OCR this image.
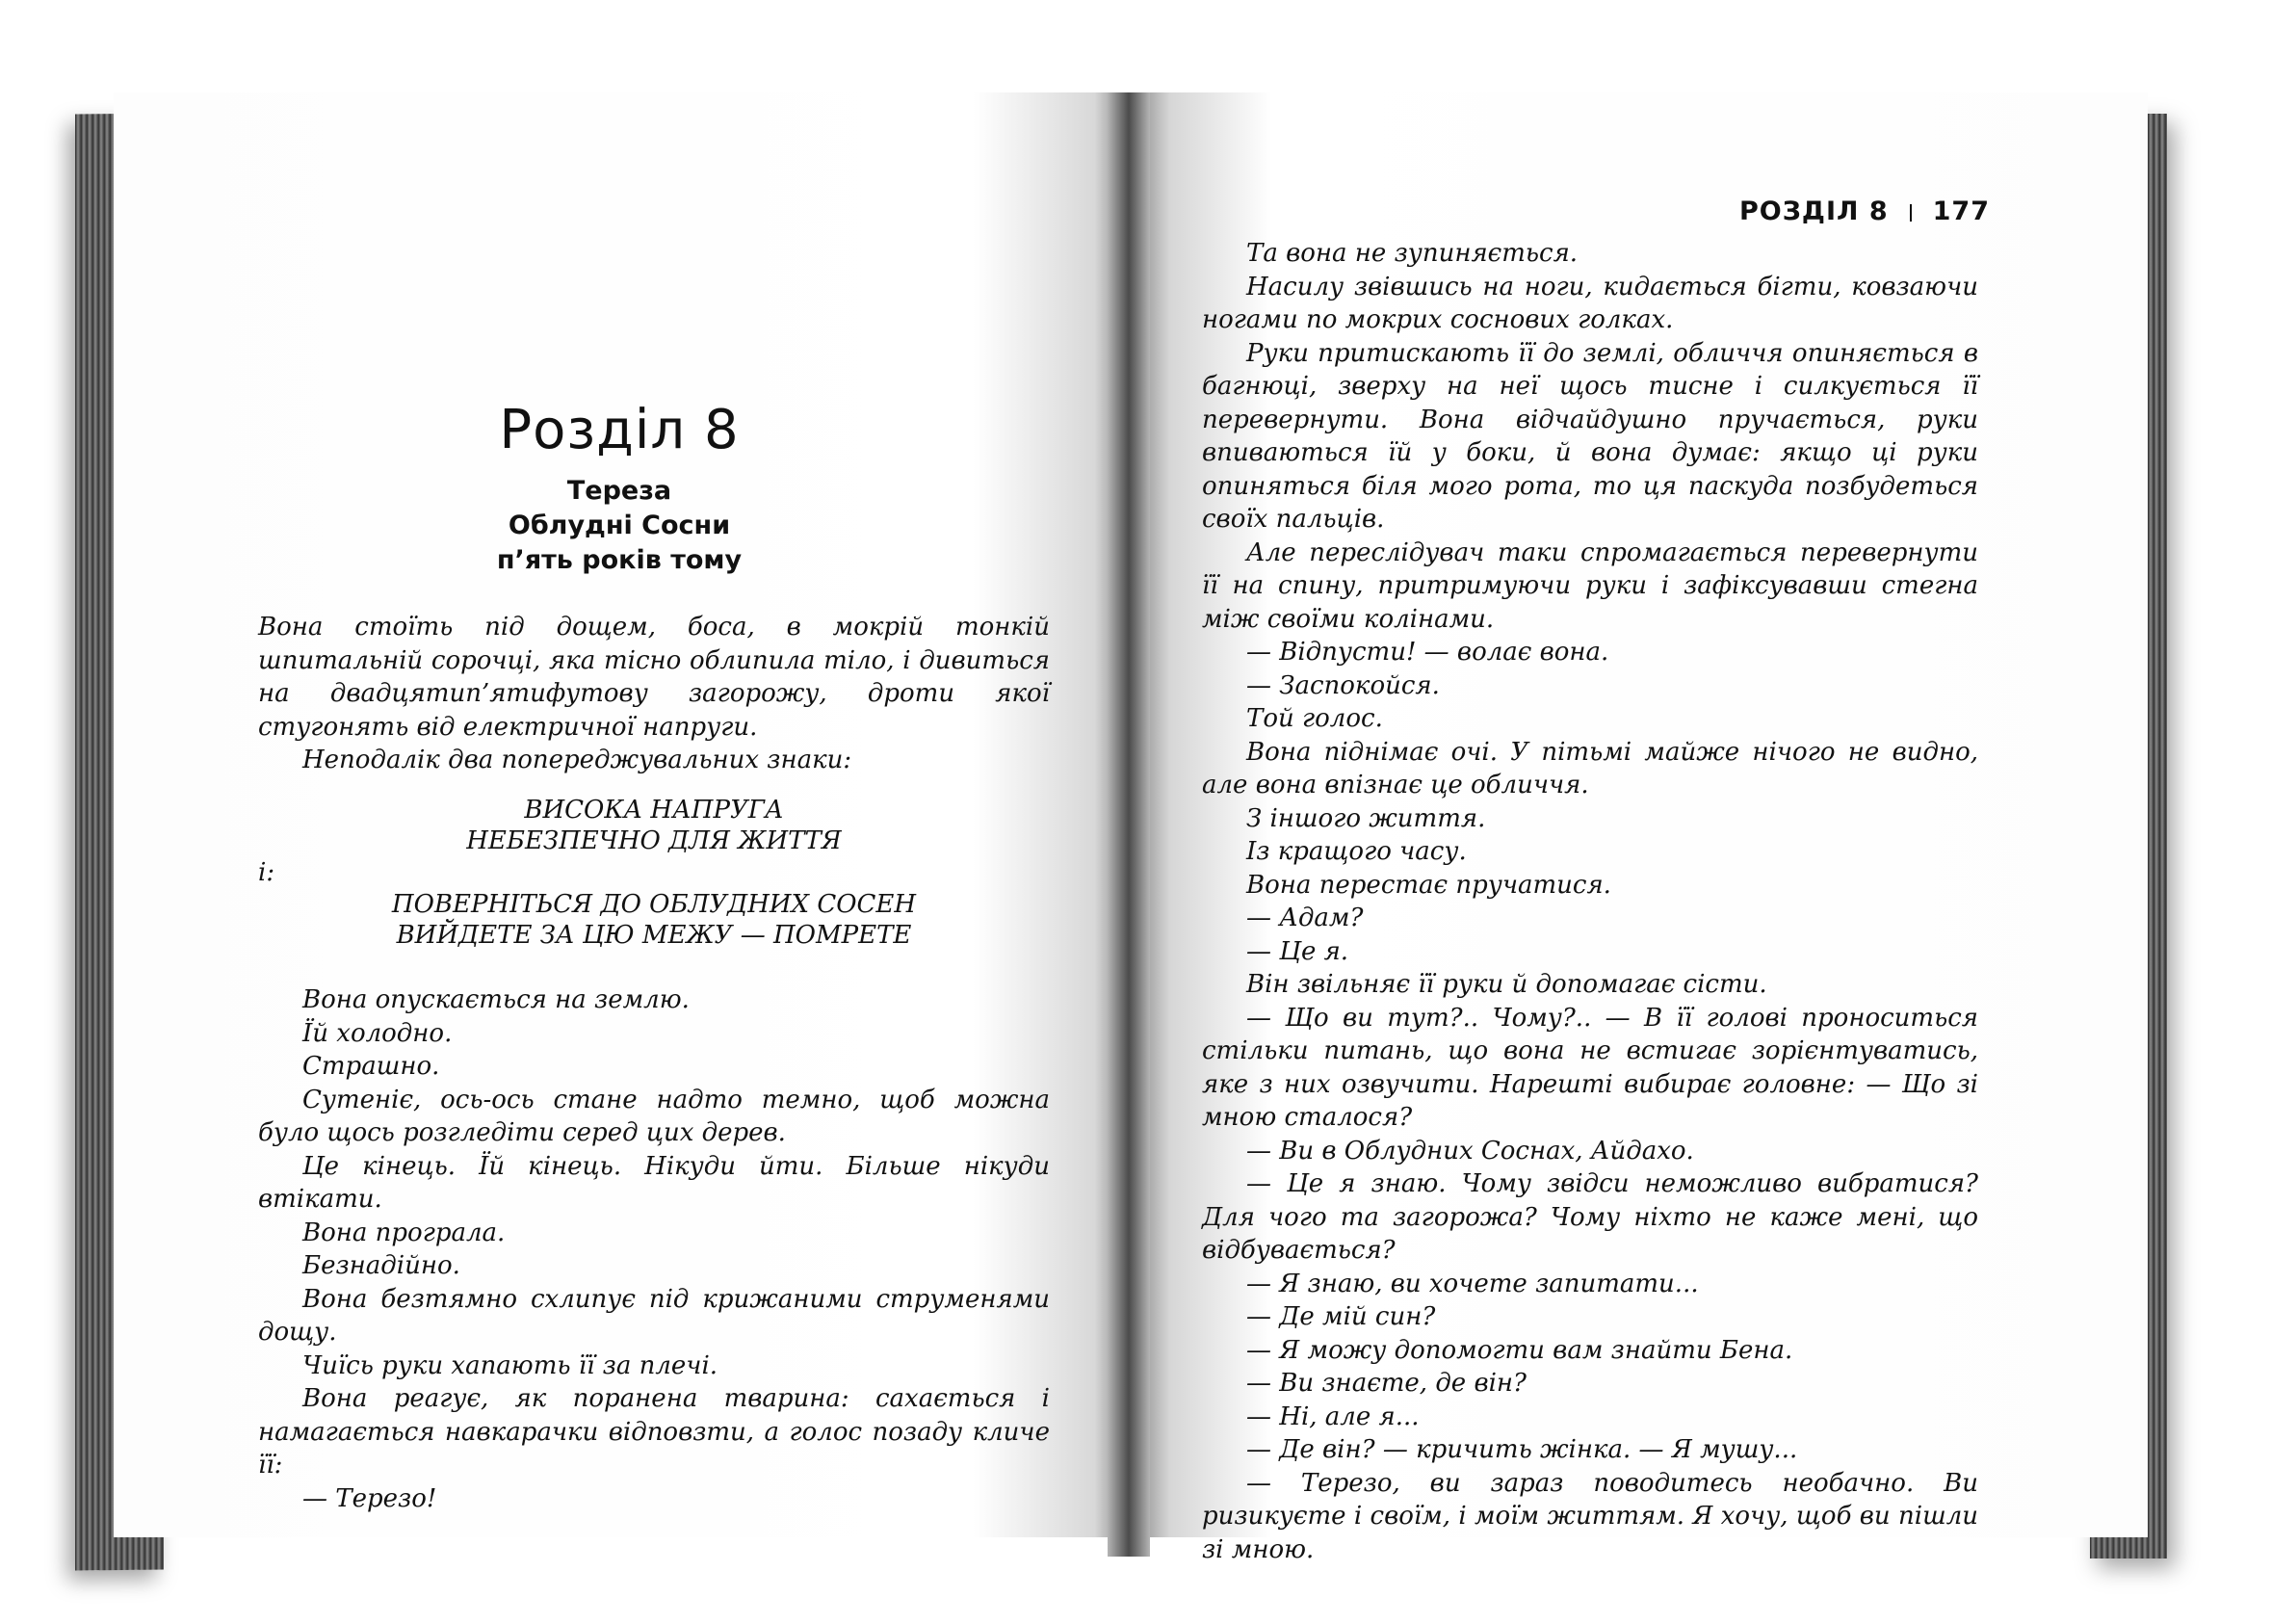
Розділ 8
Тереза
Облудні Сосни
п’ять років тому

Вона стоїть під дощем, боса, в мокрій тонкій шпитальній сорочці, яка тісно облипила тіло, і дивиться на двадцятип’ятифутову загорожу, дроти якої стугонять від електричної напруги.

Неподалік два попереджувальних знаки:

ВИСОКА НАПРУГА

НЕБЕЗПЕЧНО ДЛЯ ЖИТТЯ

і:

ПОВЕРНІТЬСЯ ДО ОБЛУДНИХ СОСЕН

ВИЙДЕТЕ ЗА ЦЮ МЕЖУ — ПОМРЕТЕ

Вона опускається на землю.

Їй холодно.

Страшно.

Сутеніє, ось-ось стане надто темно, щоб можна було щось розгледіти серед цих дерев.

Це кінець. Їй кінець. Нікуди йти. Більше нікуди втікати.

Вона програла.

Безнадійно.

Вона безтямно схлипує під крижаними струменями дощу.

Чиїсь руки хапають її за плечі.

Вона реагує, як поранена тварина: сахається і намагається навкарачки відповзти, а голос позаду кличе її:

— Терезо!

РОЗДІЛ 8 177

Та вона не зупиняється.

Насилу звівшись на ноги, кидається бігти, ковзаючи ногами по мокрих соснових голках.

Руки притискають її до землі, обличчя опиняється в багнюці, зверху на неї щось тисне і силкується її перевернути. Вона відчайдушно пручається, руки впиваються їй у боки, й вона думає: якщо ці руки опиняться біля мого рота, то ця паскуда позбудеться своїх пальців.

Але переслідувач таки спромагається перевернути її на спину, притримуючи руки і зафіксувавши стегна між своїми колінами.

— Відпусти! — волає вона.

— Заспокойся.

Той голос.

Вона піднімає очі. У пітьмі майже нічого не видно, але вона впізнає це обличчя.

З іншого життя.

Із кращого часу.

Вона перестає пручатися.

— Адам?

— Це я.

Він звільняє її руки й допомагає сісти.

— Що ви тут?.. Чому?.. — В її голові проноситься стільки питань, що вона не встигає зорієнтуватись, яке з них озвучити. Нарешті вибирає головне: — Що зі мною сталося?

— Ви в Облудних Соснах, Айдахо.

— Це я знаю. Чому звідси неможливо вибратися? Для чого та загорожа? Чому ніхто не каже мені, що відбувається?

— Я знаю, ви хочете запитати...

— Де мій син?

— Я можу допомогти вам знайти Бена.

— Ви знаєте, де він?

— Ні, але я...

— Де він? — кричить жінка. — Я мушу...

— Терезо, ви зараз поводитесь необачно. Ви ризикуєте і своїм, і моїм життям. Я хочу, щоб ви пішли зі мною.
